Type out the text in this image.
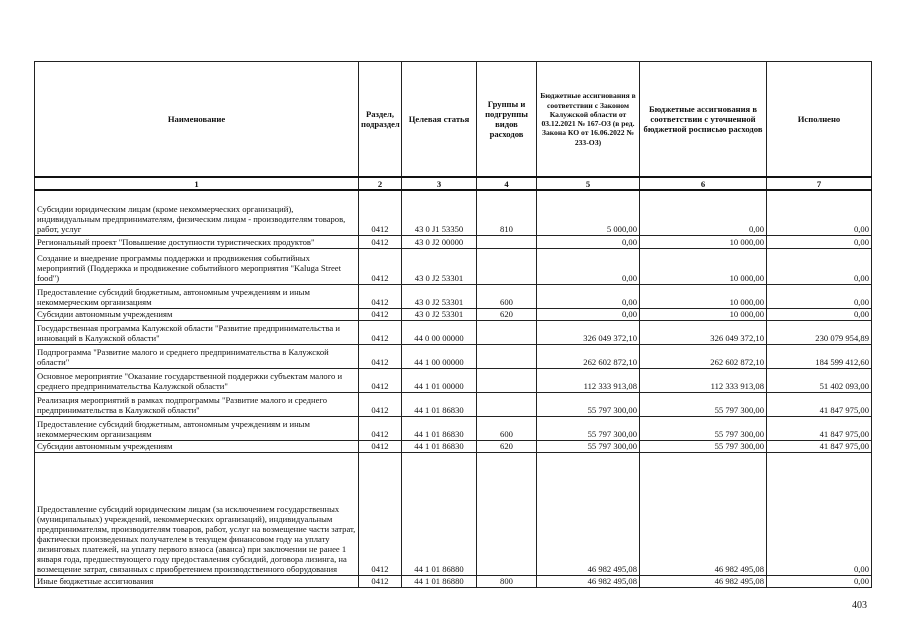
Наименование	Раздел, подраздел	Целевая статья	Группы и подгруппы видов расходов	Бюджетные ассигнования в соответствии с Законом Калужской области от 03.12.2021 № 167-ОЗ (в ред. Закона КО от 16.06.2022 № 233-ОЗ)	Бюджетные ассигнования в соответствии с уточненной бюджетной росписью расходов	Исполнено
1	2	3	4	5	6	7
Субсидии юридическим лицам (кроме некоммерческих организаций), индивидуальным предпринимателям, физическим лицам - производителям товаров, работ, услуг	0412	43 0 J1 53350	810	5 000,00	0,00	0,00
Региональный проект "Повышение доступности туристических продуктов"	0412	43 0 J2 00000		0,00	10 000,00	0,00
Создание и внедрение программы поддержки и продвижения событийных мероприятий (Поддержка и продвижение событийного мероприятия "Kaluga Street food")	0412	43 0 J2 53301		0,00	10 000,00	0,00
Предоставление субсидий бюджетным, автономным учреждениям и иным некоммерческим организациям	0412	43 0 J2 53301	600	0,00	10 000,00	0,00
Субсидии автономным учреждениям	0412	43 0 J2 53301	620	0,00	10 000,00	0,00
Государственная программа Калужской области "Развитие предпринимательства и инноваций в Калужской области"	0412	44 0 00 00000		326 049 372,10	326 049 372,10	230 079 954,89
Подпрограмма "Развитие малого и среднего предпринимательства в Калужской области"	0412	44 1 00 00000		262 602 872,10	262 602 872,10	184 599 412,60
Основное мероприятие "Оказание государственной поддержки субъектам малого и среднего предпринимательства Калужской области"	0412	44 1 01 00000		112 333 913,08	112 333 913,08	51 402 093,00
Реализация мероприятий в рамках подпрограммы "Развитие малого и среднего предпринимательства в Калужской области"	0412	44 1 01 86830		55 797 300,00	55 797 300,00	41 847 975,00
Предоставление субсидий бюджетным, автономным учреждениям и иным некоммерческим организациям	0412	44 1 01 86830	600	55 797 300,00	55 797 300,00	41 847 975,00
Субсидии автономным учреждениям	0412	44 1 01 86830	620	55 797 300,00	55 797 300,00	41 847 975,00
Предоставление субсидий юридическим лицам (за исключением государственных (муниципальных) учреждений, некоммерческих организаций), индивидуальным предпринимателям, производителям товаров, работ, услуг на возмещение части затрат, фактически произведенных получателем в текущем финансовом году на уплату лизинговых платежей, на уплату первого взноса (аванса) при заключении не ранее 1 января года, предшествующего году предоставления субсидий, договора лизинга, на возмещение затрат, связанных с приобретением производственного оборудования	0412	44 1 01 86880		46 982 495,08	46 982 495,08	0,00
Иные бюджетные ассигнования	0412	44 1 01 86880	800	46 982 495,08	46 982 495,08	0,00
403
